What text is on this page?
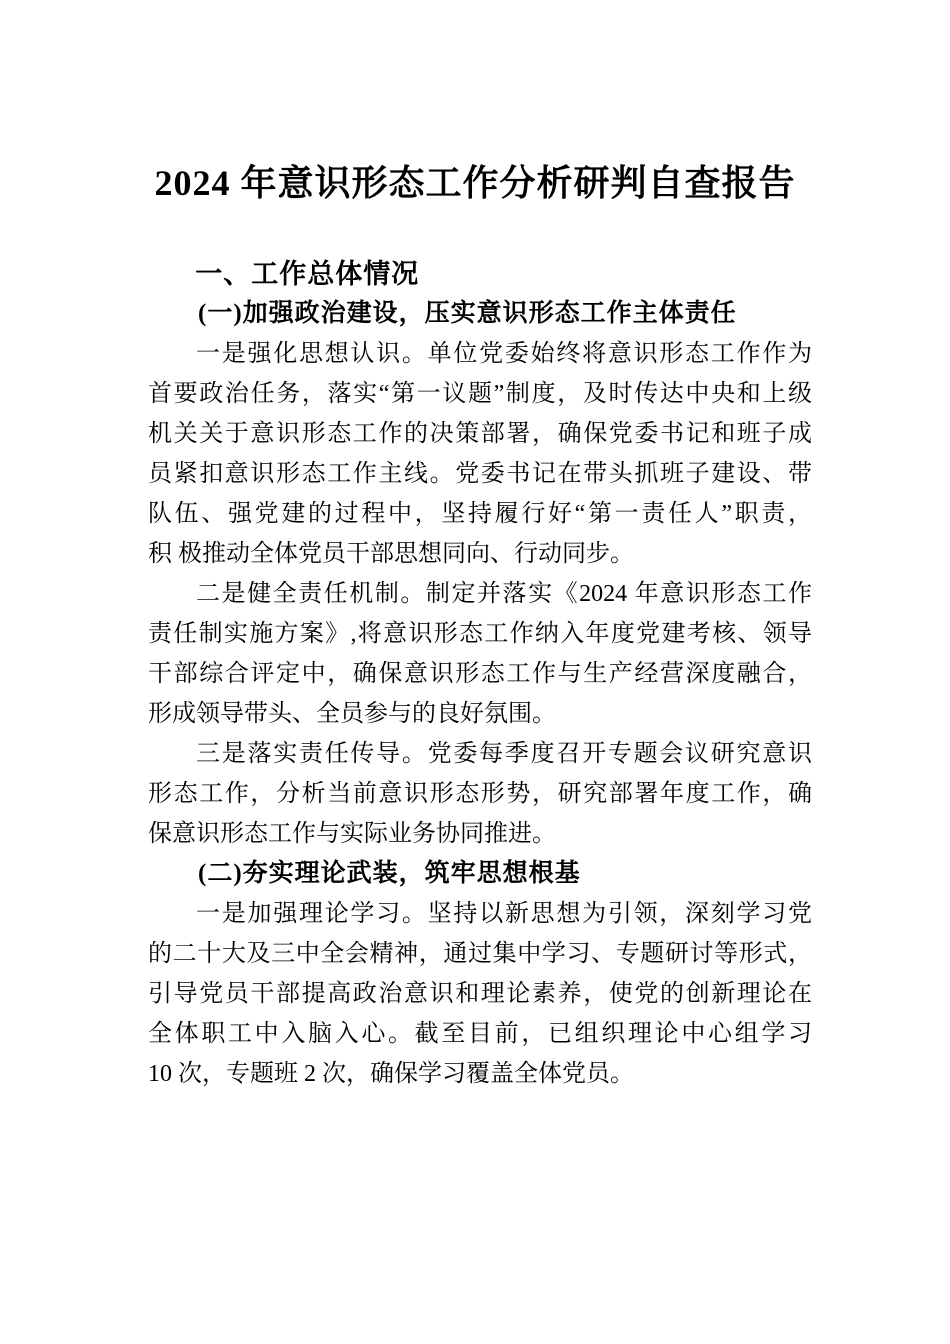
2024 年意识形态工作分析研判自查报告
一、工作总体情况
(一)加强政治建设，压实意识形态工作主体责任
一是强化思想认识。单位党委始终将意识形态工作作为
首要政治任务，落实“第一议题”制度，及时传达中央和上级
机关关于意识形态工作的决策部署，确保党委书记和班子成
员紧扣意识形态工作主线。党委书记在带头抓班子建设、带
队伍、强党建的过程中，坚持履行好“第一责任人”职责，
积 极推动全体党员干部思想同向、行动同步。
二是健全责任机制。制定并落实《2024 年意识形态工作
责任制实施方案》,将意识形态工作纳入年度党建考核、领导
干部综合评定中，确保意识形态工作与生产经营深度融合，
形成领导带头、全员参与的良好氛围。
三是落实责任传导。党委每季度召开专题会议研究意识
形态工作，分析当前意识形态形势，研究部署年度工作，确
保意识形态工作与实际业务协同推进。
(二)夯实理论武装，筑牢思想根基
一是加强理论学习。坚持以新思想为引领，深刻学习党
的二十大及三中全会精神，通过集中学习、专题研讨等形式，
引导党员干部提高政治意识和理论素养，使党的创新理论在
全体职工中入脑入心。截至目前，已组织理论中心组学习
10 次，专题班 2 次，确保学习覆盖全体党员。
